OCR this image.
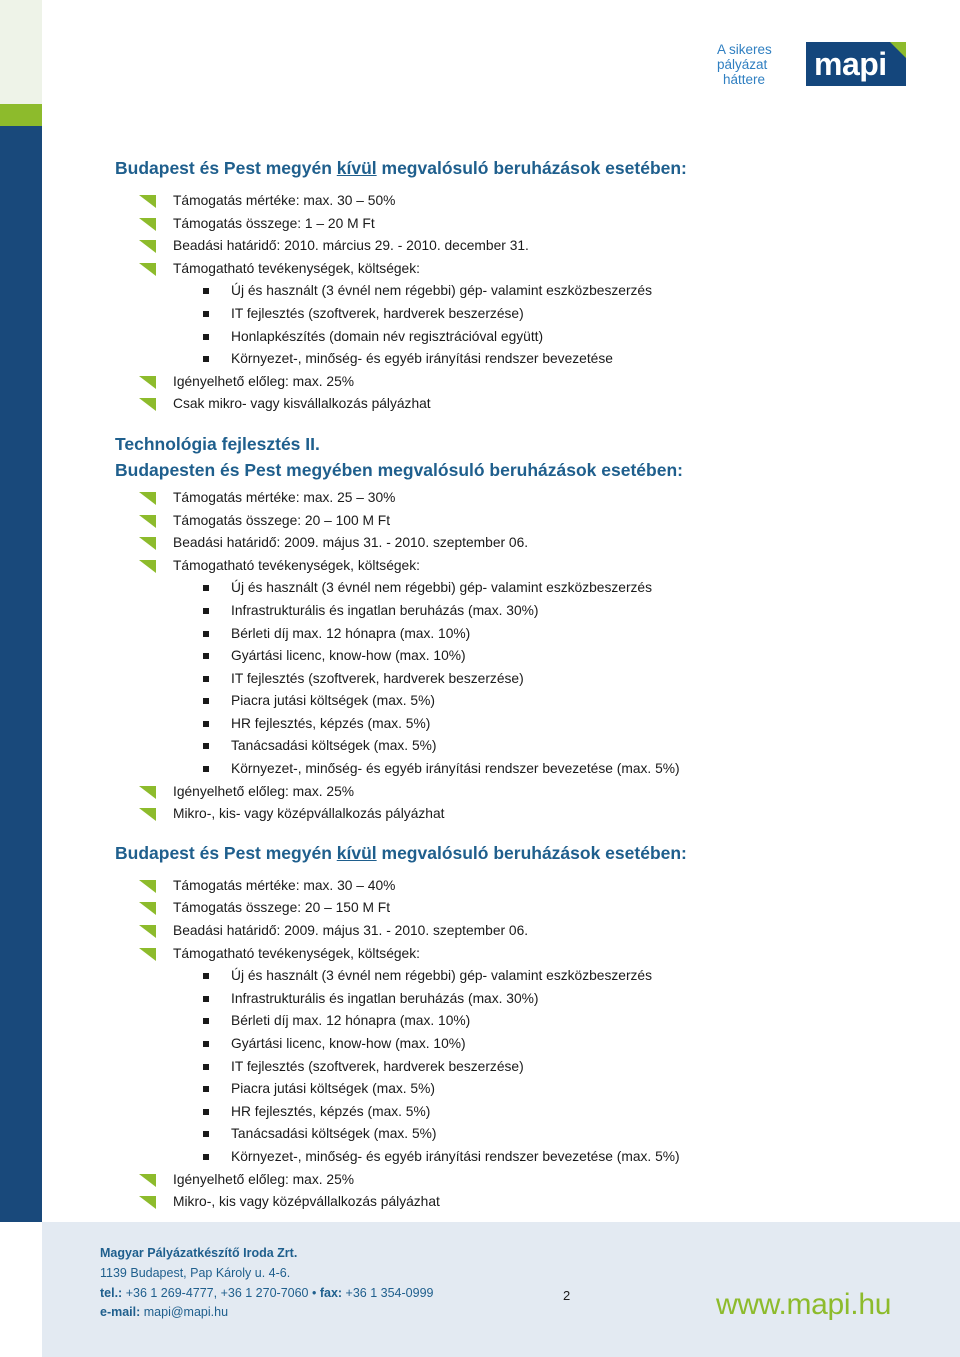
A sikeres
pályázat
háttere	mapi
Budapest és Pest megyén kívül megvalósuló beruházások esetében:
Támogatás mértéke: max. 30 – 50%
Támogatás összege: 1 – 20 M Ft
Beadási határidő: 2010. március 29. - 2010. december 31.
Támogatható tevékenységek, költségek:
Új és használt (3 évnél nem régebbi) gép- valamint eszközbeszerzés
IT fejlesztés (szoftverek, hardverek beszerzése)
Honlapkészítés (domain név regisztrációval együtt)
Környezet-, minőség- és egyéb irányítási rendszer bevezetése
Igényelhető előleg: max. 25%
Csak mikro- vagy kisvállalkozás pályázhat
Technológia fejlesztés II.
Budapesten és Pest megyében megvalósuló beruházások esetében:
Támogatás mértéke: max. 25 – 30%
Támogatás összege: 20 – 100 M Ft
Beadási határidő: 2009. május 31. - 2010. szeptember 06.
Támogatható tevékenységek, költségek:
Új és használt (3 évnél nem régebbi) gép- valamint eszközbeszerzés
Infrastrukturális és ingatlan beruházás (max. 30%)
Bérleti díj max. 12 hónapra (max. 10%)
Gyártási licenc, know-how (max. 10%)
IT fejlesztés (szoftverek, hardverek beszerzése)
Piacra jutási költségek (max. 5%)
HR fejlesztés, képzés (max. 5%)
Tanácsadási költségek (max. 5%)
Környezet-, minőség- és egyéb irányítási rendszer bevezetése (max. 5%)
Igényelhető előleg: max. 25%
Mikro-, kis- vagy középvállalkozás pályázhat
Budapest és Pest megyén kívül megvalósuló beruházások esetében:
Támogatás mértéke: max. 30 – 40%
Támogatás összege: 20 – 150 M Ft
Beadási határidő: 2009. május 31. - 2010. szeptember 06.
Támogatható tevékenységek, költségek:
Új és használt (3 évnél nem régebbi) gép- valamint eszközbeszerzés
Infrastrukturális és ingatlan beruházás (max. 30%)
Bérleti díj max. 12 hónapra (max. 10%)
Gyártási licenc, know-how (max. 10%)
IT fejlesztés (szoftverek, hardverek beszerzése)
Piacra jutási költségek (max. 5%)
HR fejlesztés, képzés (max. 5%)
Tanácsadási költségek (max. 5%)
Környezet-, minőség- és egyéb irányítási rendszer bevezetése (max. 5%)
Igényelhető előleg: max. 25%
Mikro-, kis vagy középvállalkozás pályázhat
Magyar Pályázatkészítő Iroda Zrt.
1139 Budapest, Pap Károly u. 4-6.
tel.: +36 1 269-4777, +36 1 270-7060 • fax: +36 1 354-0999
e-mail: mapi@mapi.hu
2	www.mapi.hu
